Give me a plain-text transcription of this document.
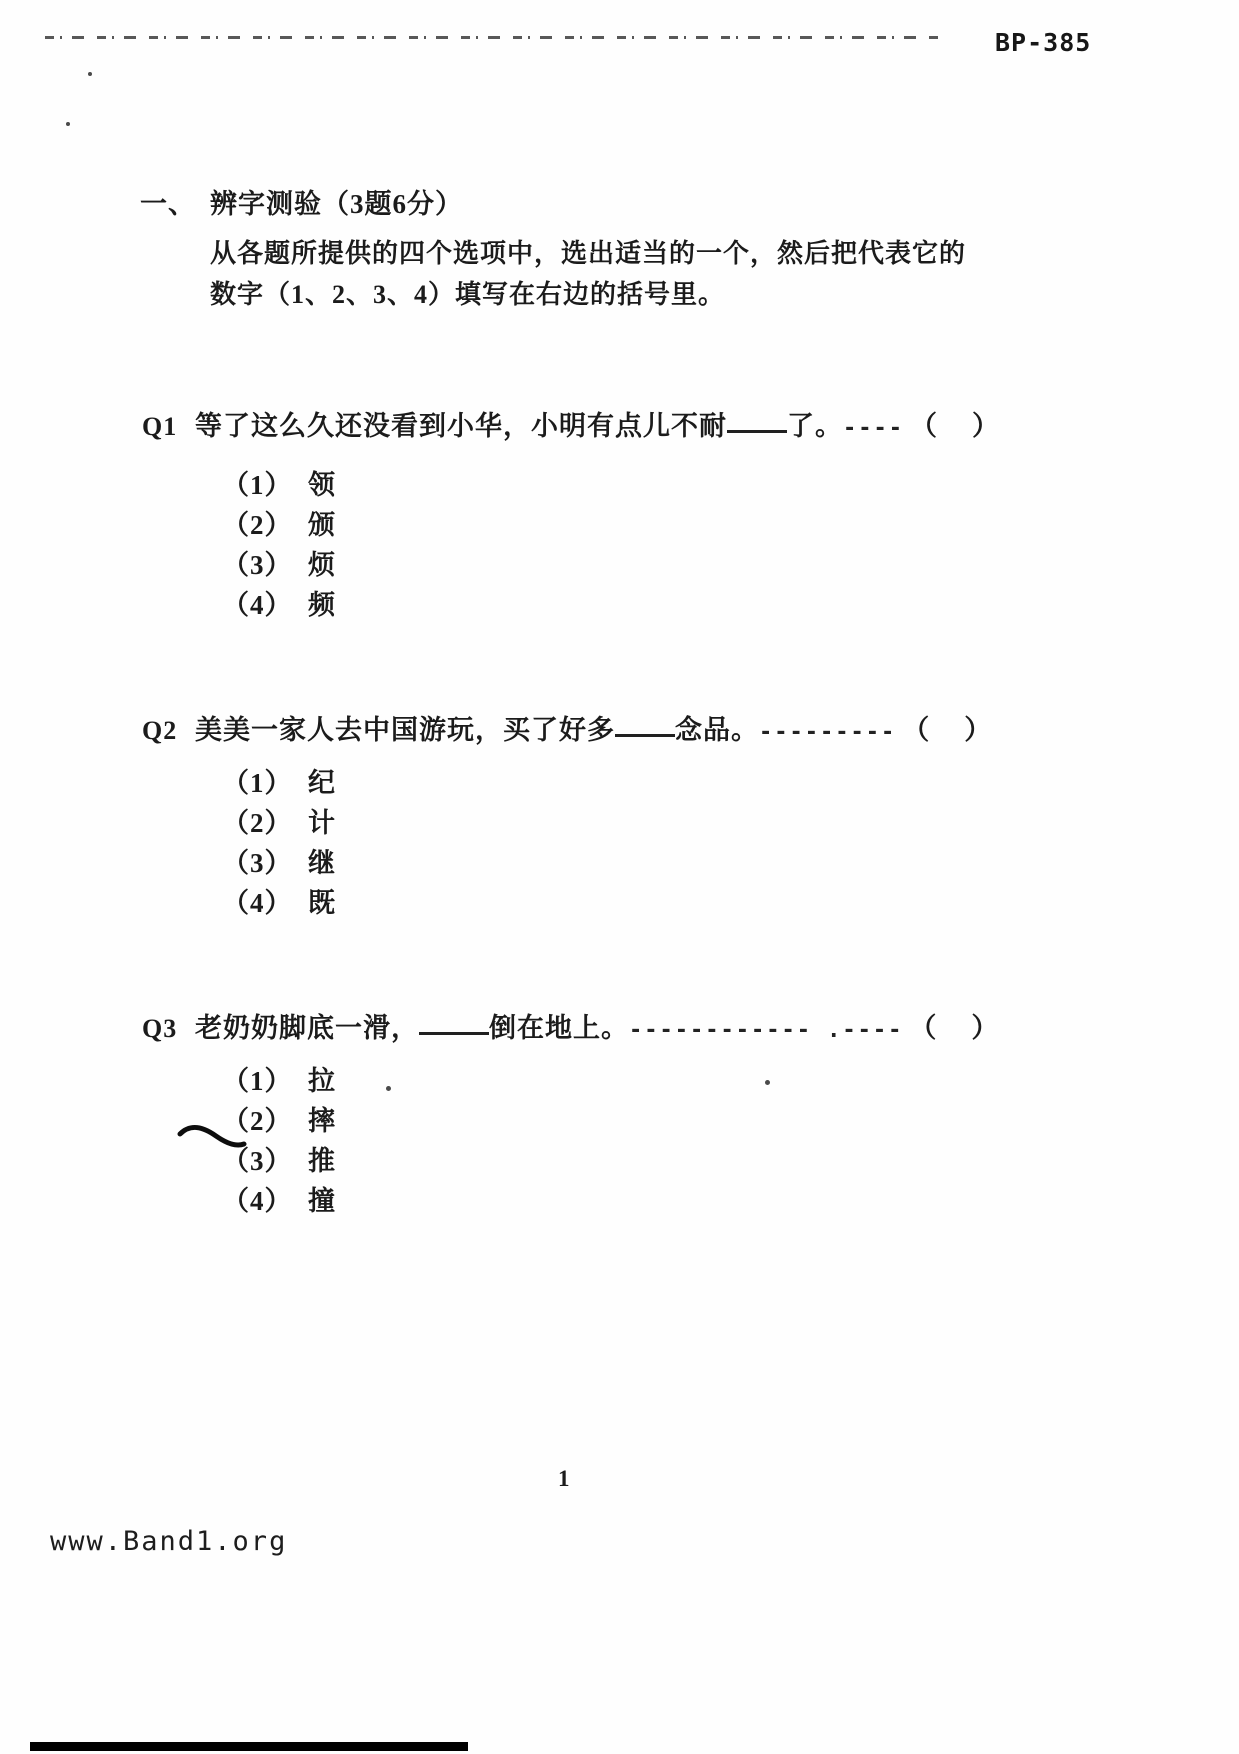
BP-385
一、 辨字测验（3题6分）
从各题所提供的四个选项中，选出适当的一个，然后把代表它的
数字（1、2、3、4）填写在右边的括号里。
Q1 等了这么久还没看到小华，小明有点儿不耐 了。 ---- （　）
（1） 领
（2） 颁
（3） 烦
（4） 频
Q2 美美一家人去中国游玩，买了好多 念品。 --------- （　）
（1） 纪
（2） 计
（3） 继
（4） 既
Q3 老奶奶脚底一滑，	倒在地上。 ------------ .---- （　）
（1） 拉
（2） 摔
（3） 推
（4） 撞
1
www.Band1.org
